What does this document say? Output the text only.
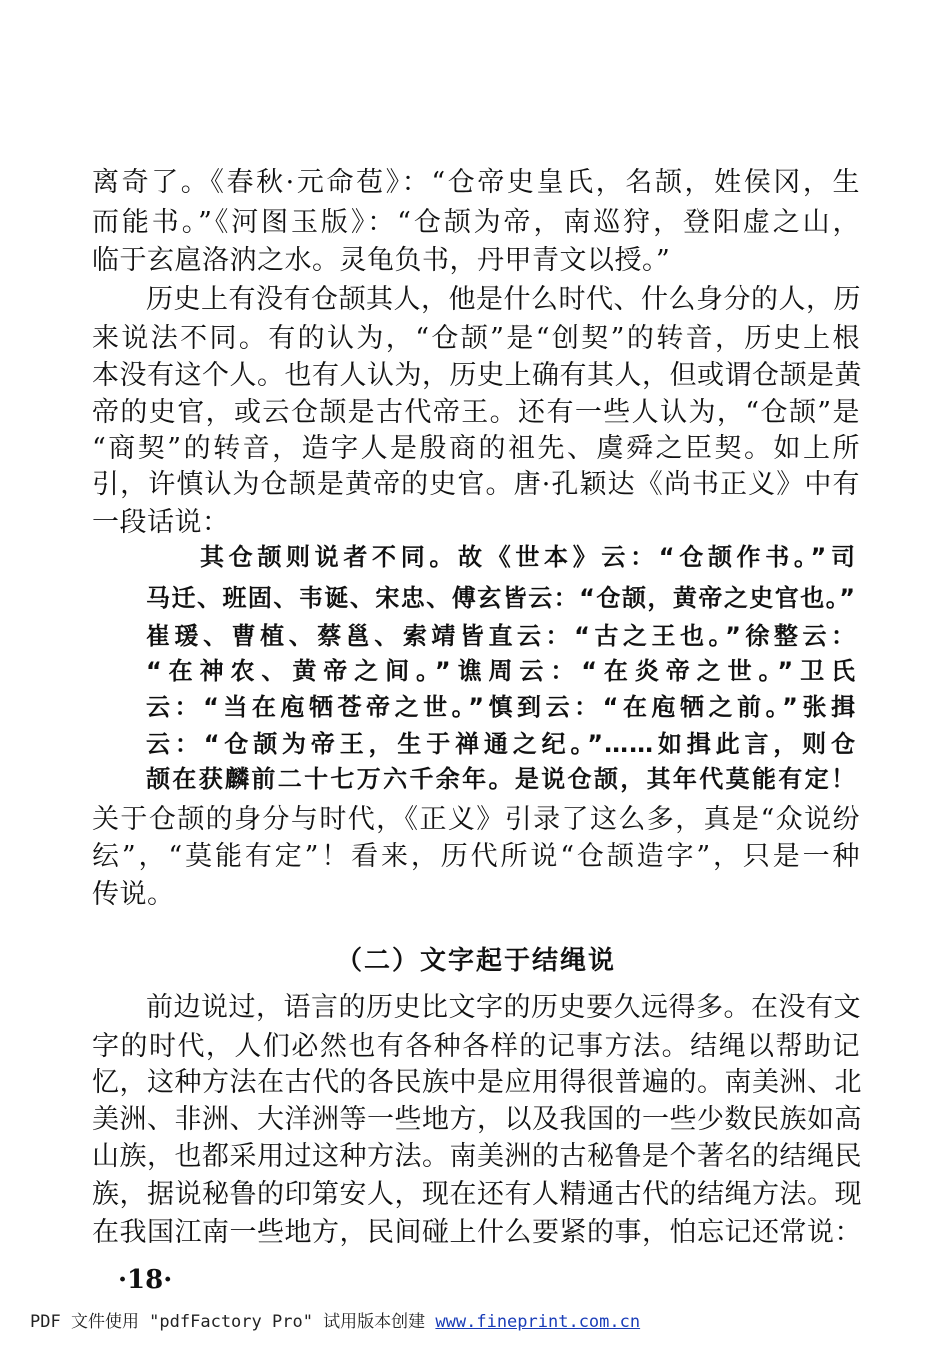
离奇了。《春秋·元命苞》：“仓帝史皇氏，名颉，姓侯冈，生
而能书。”《河图玉版》：“仓颉为帝，南巡狩，登阳虚之山，
临于玄扈洛汭之水。灵龟负书，丹甲青文以授。”
历史上有没有仓颉其人，他是什么时代、什么身分的人，历
来说法不同。有的认为，“仓颉”是“创契”的转音，历史上根
本没有这个人。也有人认为，历史上确有其人，但或谓仓颉是黄
帝的史官，或云仓颉是古代帝王。还有一些人认为，“仓颉”是
“商契”的转音，造字人是殷商的祖先、虞舜之臣契。如上所
引，许慎认为仓颉是黄帝的史官。唐·孔颖达《尚书正义》中有
一段话说：
其仓颉则说者不同。故《世本》云：“仓颉作书。”司
马迁、班固、韦诞、宋忠、傅玄皆云：“仓颉，黄帝之史官也。”
崔瑗、曹植、蔡邕、索靖皆直云：“古之王也。”徐整云：
“在神农、黄帝之间。”谯周云：“在炎帝之世。”卫氏
云：“当在庖牺苍帝之世。”慎到云：“在庖牺之前。”张揖
云：“仓颉为帝王，生于禅通之纪。”……如揖此言，则仓
颉在获麟前二十七万六千余年。是说仓颉，其年代莫能有定！
关于仓颉的身分与时代，《正义》引录了这么多，真是“众说纷
纭”，“莫能有定”！看来，历代所说“仓颉造字”，只是一种
传说。
（二）文字起于结绳说
前边说过，语言的历史比文字的历史要久远得多。在没有文
字的时代，人们必然也有各种各样的记事方法。结绳以帮助记
忆，这种方法在古代的各民族中是应用得很普遍的。南美洲、北
美洲、非洲、大洋洲等一些地方，以及我国的一些少数民族如高
山族，也都采用过这种方法。南美洲的古秘鲁是个著名的结绳民
族，据说秘鲁的印第安人，现在还有人精通古代的结绳方法。现
在我国江南一些地方，民间碰上什么要紧的事，怕忘记还常说：
·18·
PDF 文件使用 "pdfFactory Pro" 试用版本创建 www.fineprint.com.cn
